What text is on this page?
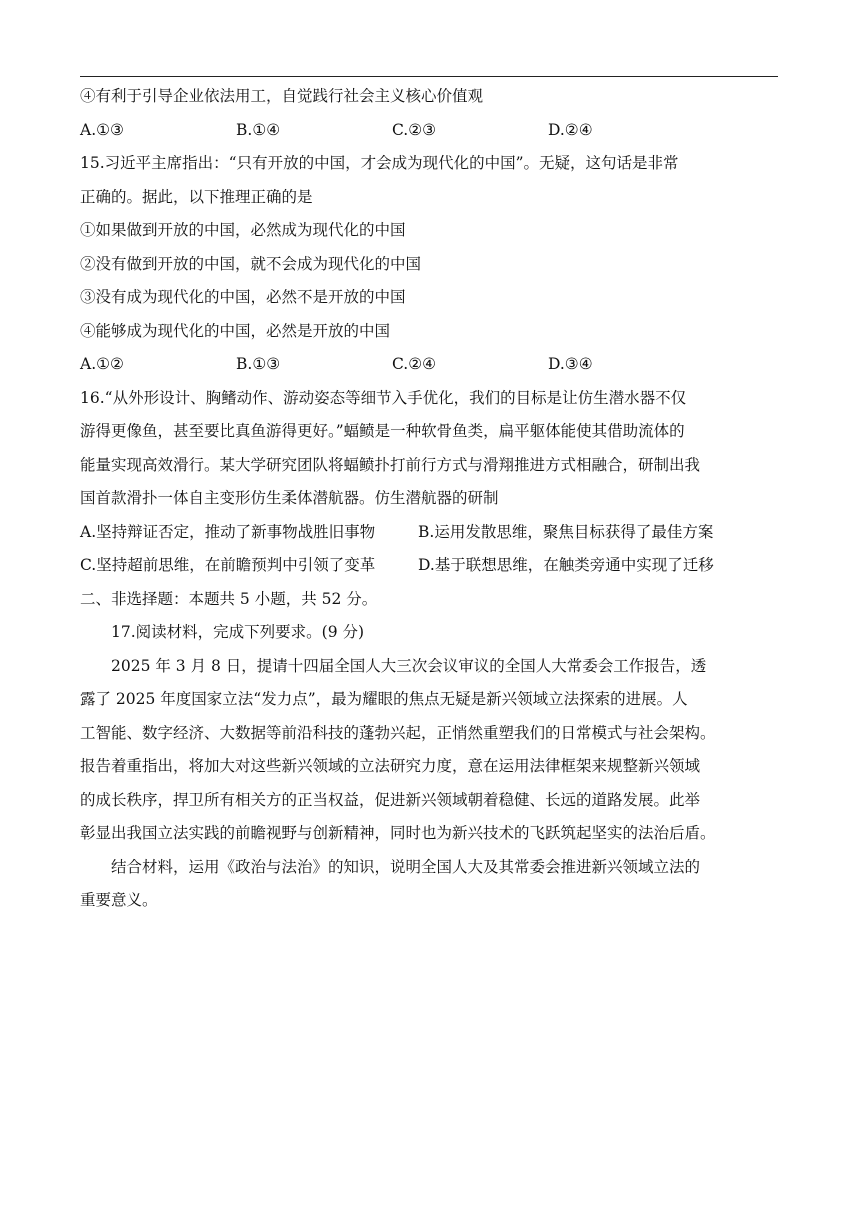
④有利于引导企业依法用工，自觉践行社会主义核心价值观
A.①③	B.①④	C.②③	D.②④
15.习近平主席指出：“只有开放的中国，才会成为现代化的中国”。无疑，这句话是非常
正确的。据此，以下推理正确的是
①如果做到开放的中国，必然成为现代化的中国
②没有做到开放的中国，就不会成为现代化的中国
③没有成为现代化的中国，必然不是开放的中国
④能够成为现代化的中国，必然是开放的中国
A.①②	B.①③	C.②④	D.③④
16.“从外形设计、胸鳍动作、游动姿态等细节入手优化，我们的目标是让仿生潜水器不仅
游得更像鱼，甚至要比真鱼游得更好。”蝠鲼是一种软骨鱼类，扁平躯体能使其借助流体的
能量实现高效滑行。某大学研究团队将蝠鲼扑打前行方式与滑翔推进方式相融合，研制出我
国首款滑扑一体自主变形仿生柔体潜航器。仿生潜航器的研制
A.坚持辩证否定，推动了新事物战胜旧事物	B.运用发散思维，聚焦目标获得了最佳方案
C.坚持超前思维，在前瞻预判中引领了变革	D.基于联想思维，在触类旁通中实现了迁移
二、非选择题：本题共 5 小题，共 52 分。
17.阅读材料，完成下列要求。(9 分)
2025 年 3 月 8 日，提请十四届全国人大三次会议审议的全国人大常委会工作报告，透
露了 2025 年度国家立法“发力点”，最为耀眼的焦点无疑是新兴领域立法探索的进展。人
工智能、数字经济、大数据等前沿科技的蓬勃兴起，正悄然重塑我们的日常模式与社会架构。
报告着重指出，将加大对这些新兴领域的立法研究力度，意在运用法律框架来规整新兴领域
的成长秩序，捍卫所有相关方的正当权益，促进新兴领域朝着稳健、长远的道路发展。此举
彰显出我国立法实践的前瞻视野与创新精神，同时也为新兴技术的飞跃筑起坚实的法治后盾。
结合材料，运用《政治与法治》的知识，说明全国人大及其常委会推进新兴领域立法的
重要意义。
